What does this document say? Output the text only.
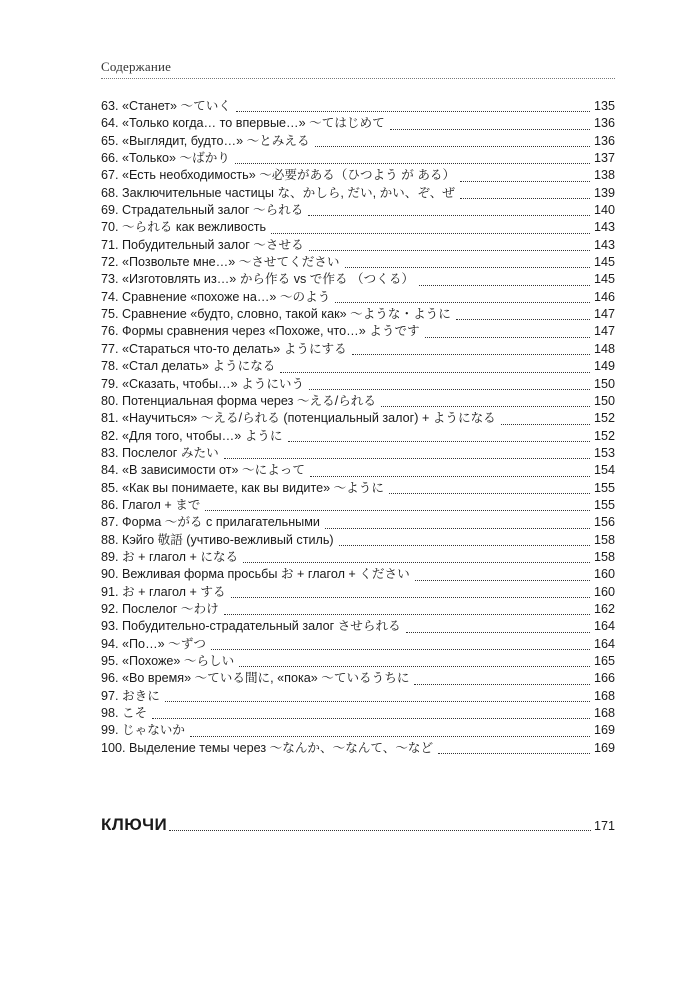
Содержание
63. «Станет» 〜ていく	135
64. «Только когда… то впервые…» 〜てはじめて	136
65. «Выглядит, будто…» 〜とみえる	136
66. «Только» 〜ばかり	137
67. «Есть необходимость» 〜必要がある（ひつよう が ある）	138
68. Заключительные частицы な、かしら, だい, かい、ぞ、ぜ	139
69. Страдательный залог 〜られる	140
70. 〜られる как вежливость	143
71. Побудительный залог 〜させる	143
72. «Позвольте мне…» 〜させてください	145
73. «Изготовлять из…» から作る vs で作る （つくる）	145
74. Сравнение «похоже на…» 〜のよう	146
75. Сравнение «будто, словно, такой как» 〜ような・ように	147
76. Формы сравнения через «Похоже, что…» ようです	147
77. «Стараться что-то делать» ようにする	148
78. «Стал делать» ようになる	149
79. «Сказать, чтобы…» ようにいう	150
80. Потенциальная форма через 〜える/られる	150
81. «Научиться» 〜える/られる (потенциальный залог) + ようになる	152
82. «Для того, чтобы…» ように	152
83. Послелог みたい	153
84. «В зависимости от» 〜によって	154
85. «Как вы понимаете, как вы видите» 〜ように	155
86. Глагол + まで	155
87. Форма 〜がる с прилагательными	156
88. Кэйго 敬語 (учтиво-вежливый стиль)	158
89. お + глагол + になる	158
90. Вежливая форма просьбы お + глагол + ください	160
91. お + глагол + する	160
92. Послелог 〜わけ	162
93. Побудительно-страдательный залог させられる	164
94. «По…» 〜ずつ	164
95. «Похоже» 〜らしい	165
96. «Во время» 〜ている間に, «пока» 〜ているうちに	166
97. おきに	168
98. こそ	168
99. じゃないか	169
100. Выделение темы через 〜なんか、〜なんて、〜など	169
КЛЮЧИ	171
